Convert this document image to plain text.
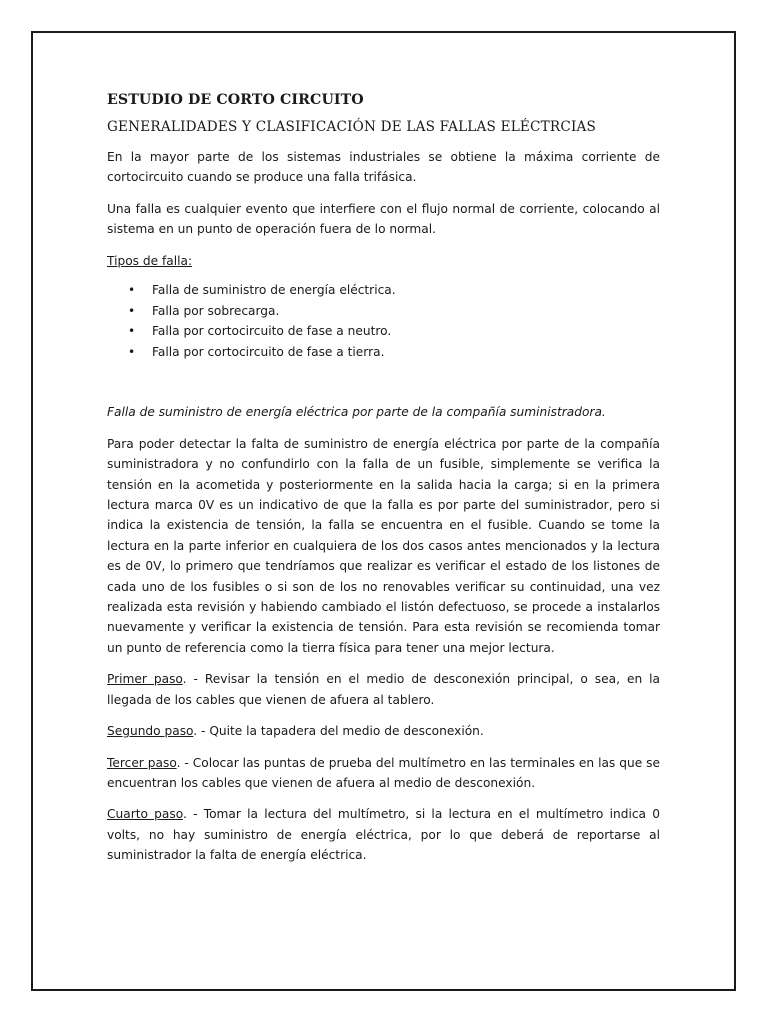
ESTUDIO DE CORTO CIRCUITO
GENERALIDADES Y CLASIFICACIÓN DE LAS FALLAS ELÉCTRCIAS

En la mayor parte de los sistemas industriales se obtiene la máxima corriente de cortocircuito cuando se produce una falla trifásica.

Una falla es cualquier evento que interfiere con el flujo normal de corriente, colocando al sistema en un punto de operación fuera de lo normal.

Tipos de falla:
• Falla de suministro de energía eléctrica.
• Falla por sobrecarga.
• Falla por cortocircuito de fase a neutro.
• Falla por cortocircuito de fase a tierra.

Falla de suministro de energía eléctrica por parte de la compañía suministradora.

Para poder detectar la falta de suministro de energía eléctrica por parte de la compañía suministradora y no confundirlo con la falla de un fusible, simplemente se verifica la tensión en la acometida y posteriormente en la salida hacia la carga; si en la primera lectura marca 0V es un indicativo de que la falla es por parte del suministrador, pero si indica la existencia de tensión, la falla se encuentra en el fusible. Cuando se tome la lectura en la parte inferior en cualquiera de los dos casos antes mencionados y la lectura es de 0V, lo primero que tendríamos que realizar es verificar el estado de los listones de cada uno de los fusibles o si son de los no renovables verificar su continuidad, una vez realizada esta revisión y habiendo cambiado el listón defectuoso, se procede a instalarlos nuevamente y verificar la existencia de tensión. Para esta revisión se recomienda tomar un punto de referencia como la tierra física para tener una mejor lectura.

Primer paso. - Revisar la tensión en el medio de desconexión principal, o sea, en la llegada de los cables que vienen de afuera al tablero.

Segundo paso. - Quite la tapadera del medio de desconexión.

Tercer paso. - Colocar las puntas de prueba del multímetro en las terminales en las que se encuentran los cables que vienen de afuera al medio de desconexión.

Cuarto paso. - Tomar la lectura del multímetro, si la lectura en el multímetro indica 0 volts, no hay suministro de energía eléctrica, por lo que deberá de reportarse al suministrador la falta de energía eléctrica.
